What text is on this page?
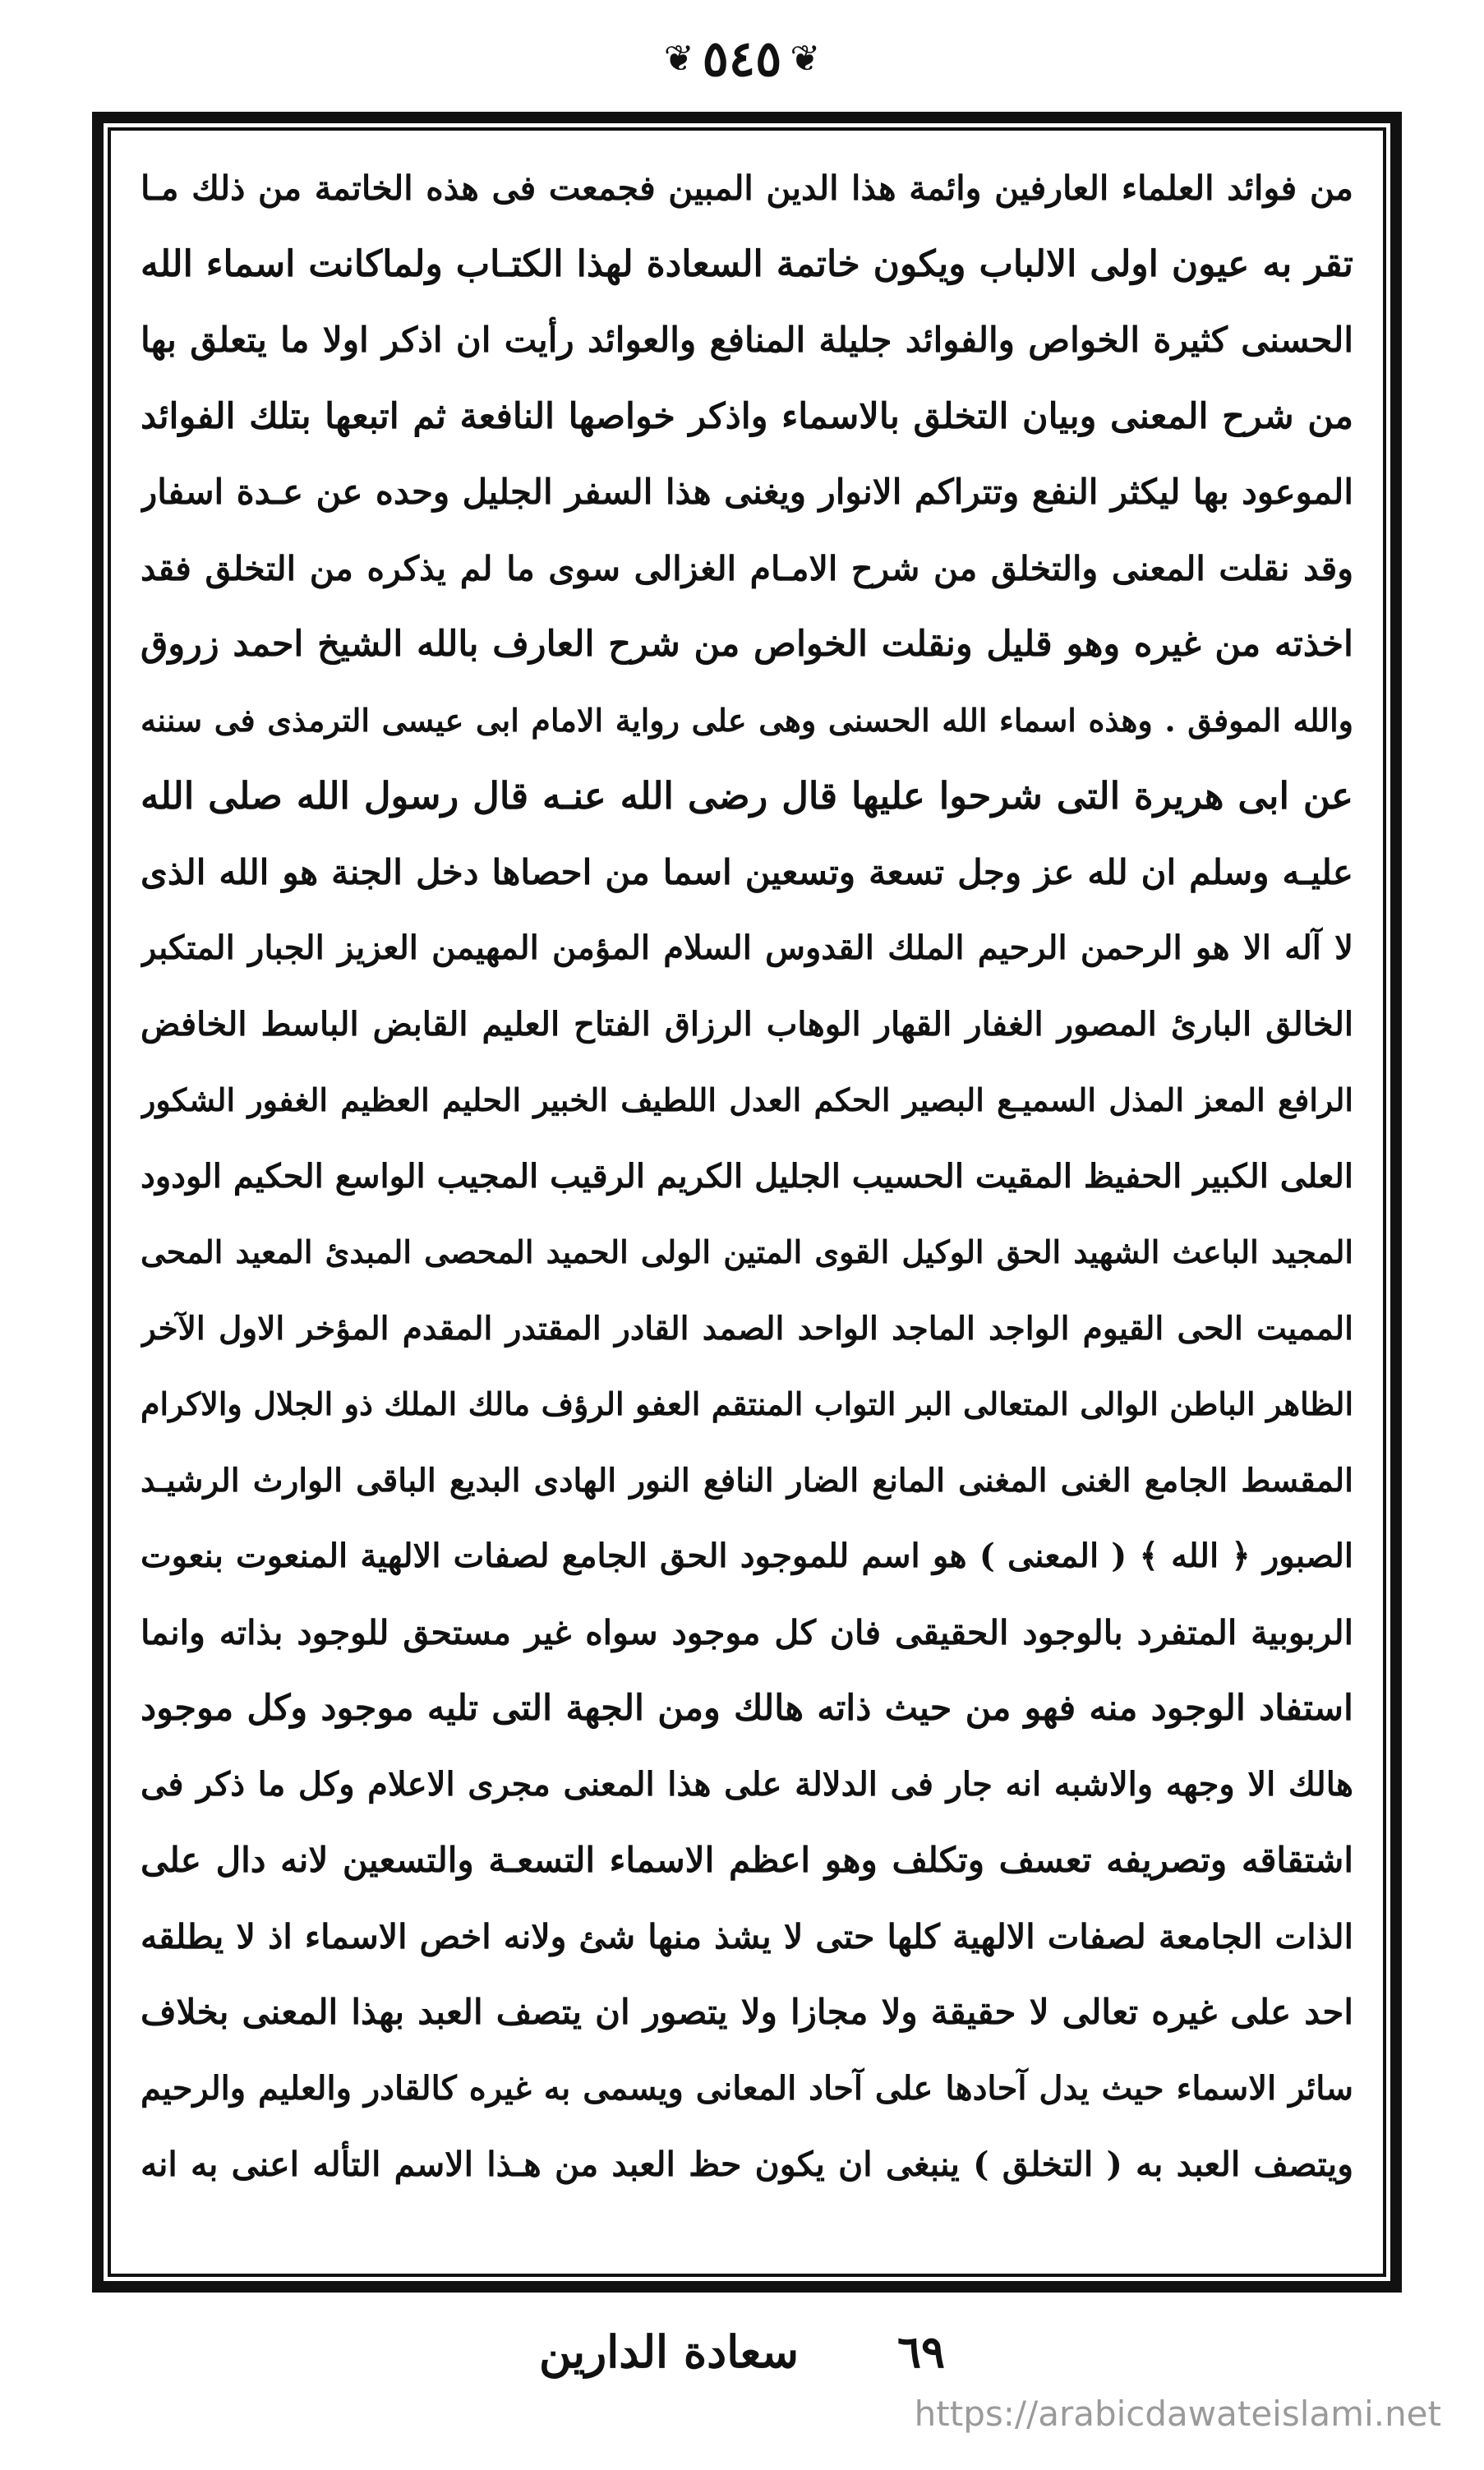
❦ ٥٤٥ ❦

من فوائد العلماء العارفين وائمة هذا الدين المبين فجمعت فى هذه الخاتمة من ذلك مـا
تقر به عيون اولى الالباب ويكون خاتمة السعادة لهذا الكتـاب ولماكانت اسماء الله
الحسنى كثيرة الخواص والفوائد جليلة المنافع والعوائد رأيت ان اذكر اولا ما يتعلق بها
من شرح المعنى وبيان التخلق بالاسماء واذكر خواصها النافعة ثم اتبعها بتلك الفوائد
الموعود بها ليكثر النفع وتتراكم الانوار ويغنى هذا السفر الجليل وحده عن عـدة اسفار
وقد نقلت المعنى والتخلق من شرح الامـام الغزالى سوى ما لم يذكره من التخلق فقد
اخذته من غيره وهو قليل ونقلت الخواص من شرح العارف بالله الشيخ احمد زروق
والله الموفق . وهذه اسماء الله الحسنى وهى على رواية الامام ابى عيسى الترمذى فى سننه
عن ابى هريرة التى شرحوا عليها قال رضى الله عنـه قال رسول الله صلى الله
عليـه وسلم ان لله عز وجل تسعة وتسعين اسما من احصاها دخل الجنة هو الله الذى
لا آله الا هو الرحمن الرحيم الملك القدوس السلام المؤمن المهيمن العزيز الجبار المتكبر
الخالق البارئ المصور الغفار القهار الوهاب الرزاق الفتاح العليم القابض الباسط الخافض
الرافع المعز المذل السميـع البصير الحكم العدل اللطيف الخبير الحليم العظيم الغفور الشكور
العلى الكبير الحفيظ المقيت الحسيب الجليل الكريم الرقيب المجيب الواسع الحكيم الودود
المجيد الباعث الشهيد الحق الوكيل القوى المتين الولى الحميد المحصى المبدئ المعيد المحى
المميت الحى القيوم الواجد الماجد الواحد الصمد القادر المقتدر المقدم المؤخر الاول الآخر
الظاهر الباطن الوالى المتعالى البر التواب المنتقم العفو الرؤف مالك الملك ذو الجلال والاكرام
المقسط الجامع الغنى المغنى المانع الضار النافع النور الهادى البديع الباقى الوارث الرشيـد
الصبور ﴿ الله ﴾ ( المعنى ) هو اسم للموجود الحق الجامع لصفات الالهية المنعوت بنعوت
الربوبية المتفرد بالوجود الحقيقى فان كل موجود سواه غير مستحق للوجود بذاته وانما
استفاد الوجود منه فهو من حيث ذاته هالك ومن الجهة التى تليه موجود وكل موجود
هالك الا وجهه والاشبه انه جار فى الدلالة على هذا المعنى مجرى الاعلام وكل ما ذكر فى
اشتقاقه وتصريفه تعسف وتكلف وهو اعظم الاسماء التسعـة والتسعين لانه دال على
الذات الجامعة لصفات الالهية كلها حتى لا يشذ منها شئ ولانه اخص الاسماء اذ لا يطلقه
احد على غيره تعالى لا حقيقة ولا مجازا ولا يتصور ان يتصف العبد بهذا المعنى بخلاف
سائر الاسماء حيث يدل آحادها على آحاد المعانى ويسمى به غيره كالقادر والعليم والرحيم
ويتصف العبد به ( التخلق ) ينبغى ان يكون حظ العبد من هـذا الاسم التأله اعنى به انه

٦٩
سعادة الدارين
https://arabicdawateislami.net
